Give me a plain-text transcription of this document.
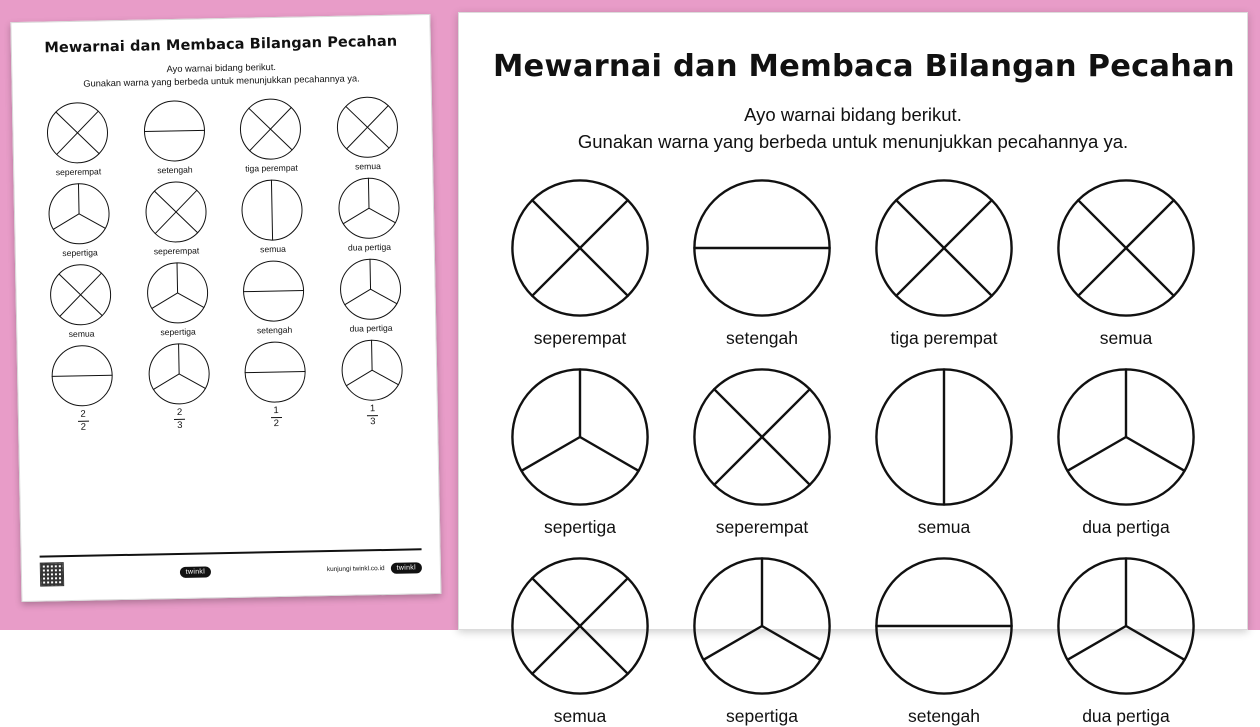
Mewarnai dan Membaca Bilangan Pecahan
Ayo warnai bidang berikut.
Gunakan warna yang berbeda untuk menunjukkan pecahannya ya.
seperempat	setengah	tiga perempat	semua
sepertiga	seperempat	semua	dua pertiga
semua	sepertiga	setengah	dua pertiga
$\frac{2}{2}$	$\frac{2}{3}$	$\frac{1}{2}$	$\frac{1}{3}$
twinkl	kunjungi twinkl.co.id	twinkl
Mewarnai dan Membaca Bilangan Pecahan
Ayo warnai bidang berikut.
Gunakan warna yang berbeda untuk menunjukkan pecahannya ya.
seperempat	setengah	tiga perempat	semua
sepertiga	seperempat	semua	dua pertiga
semua	sepertiga	setengah	dua pertiga
